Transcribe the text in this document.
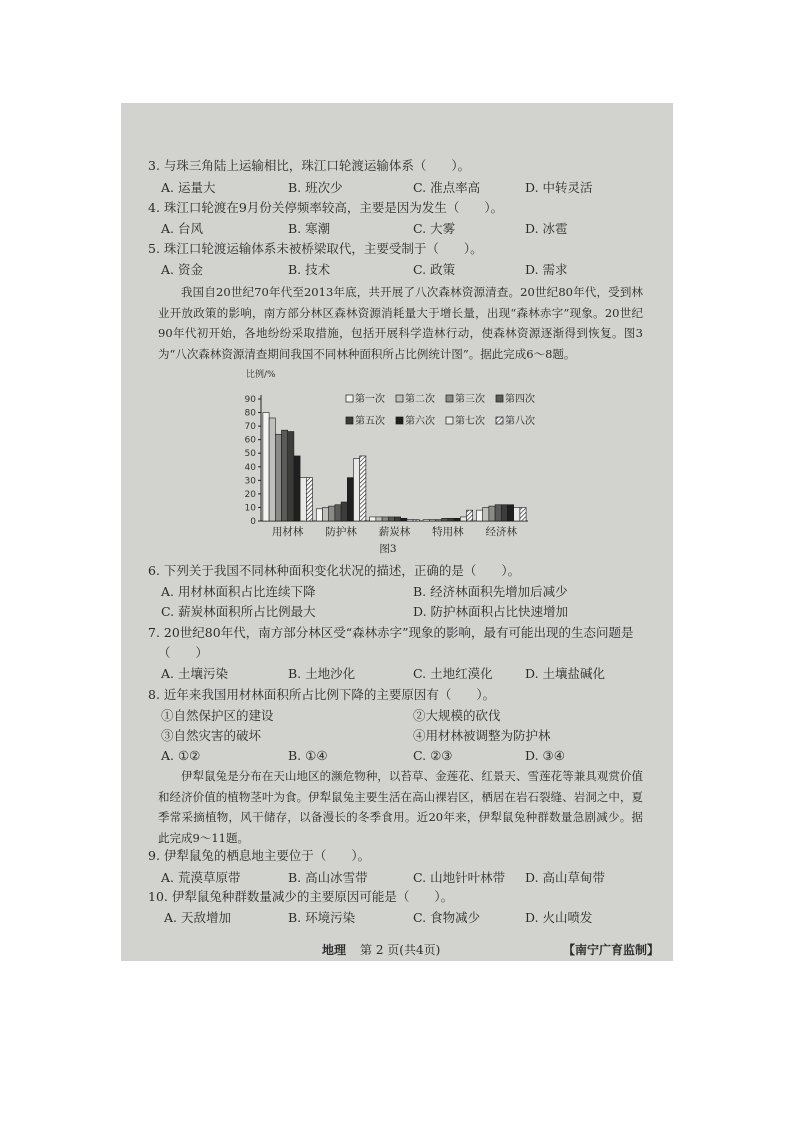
3. 与珠三角陆上运输相比，珠江口轮渡运输体系（　　）。
A. 运量大	B. 班次少	C. 准点率高	D. 中转灵活
4. 珠江口轮渡在9月份关停频率较高，主要是因为发生（　　）。
A. 台风	B. 寒潮	C. 大雾	D. 冰雹
5. 珠江口轮渡运输体系未被桥梁取代，主要受制于（　　）。
A. 资金	B. 技术	C. 政策	D. 需求
我国自20世纪70年代至2013年底，共开展了八次森林资源清查。20世纪80年代，受到林业开放政策的影响，南方部分林区森林资源消耗量大于增长量，出现“森林赤字”现象。20世纪90年代初开始，各地纷纷采取措施，包括开展科学造林行动，使森林资源逐渐得到恢复。图3为“八次森林资源清查期间我国不同林种面积所占比例统计图”。据此完成6～8题。
比例/%
0
10
20
30
40
50
60
70
80
90
用材林 防护林 薪炭林 特用林 经济林
第一次 第二次 第三次 第四次
第五次 第六次 第七次 第八次
图3
6. 下列关于我国不同林种面积变化状况的描述，正确的是（　　）。
A. 用材林面积占比连续下降	B. 经济林面积先增加后减少
C. 薪炭林面积所占比例最大	D. 防护林面积占比快速增加
7. 20世纪80年代，南方部分林区受“森林赤字”现象的影响，最有可能出现的生态问题是
（　　）
A. 土壤污染	B. 土地沙化	C. 土地红漠化	D. 土壤盐碱化
8. 近年来我国用材林面积所占比例下降的主要原因有（　　）。
①自然保护区的建设	②大规模的砍伐
③自然灾害的破坏	④用材林被调整为防护林
A. ①②	B. ①④	C. ②③	D. ③④
伊犁鼠兔是分布在天山地区的濒危物种，以苔草、金莲花、红景天、雪莲花等兼具观赏价值和经济价值的植物茎叶为食。伊犁鼠兔主要生活在高山裸岩区，栖居在岩石裂缝、岩洞之中，夏季常采摘植物，风干储存，以备漫长的冬季食用。近20年来，伊犁鼠兔种群数量急剧减少。据此完成9～11题。
9. 伊犁鼠兔的栖息地主要位于（　　）。
A. 荒漠草原带	B. 高山冰雪带	C. 山地针叶林带 D. 高山草甸带
10. 伊犁鼠兔种群数量减少的主要原因可能是（　　）。
A. 天敌增加	B. 环境污染	C. 食物减少	D. 火山喷发
地理 第 2 页(共4页)	【南宁广育监制】
